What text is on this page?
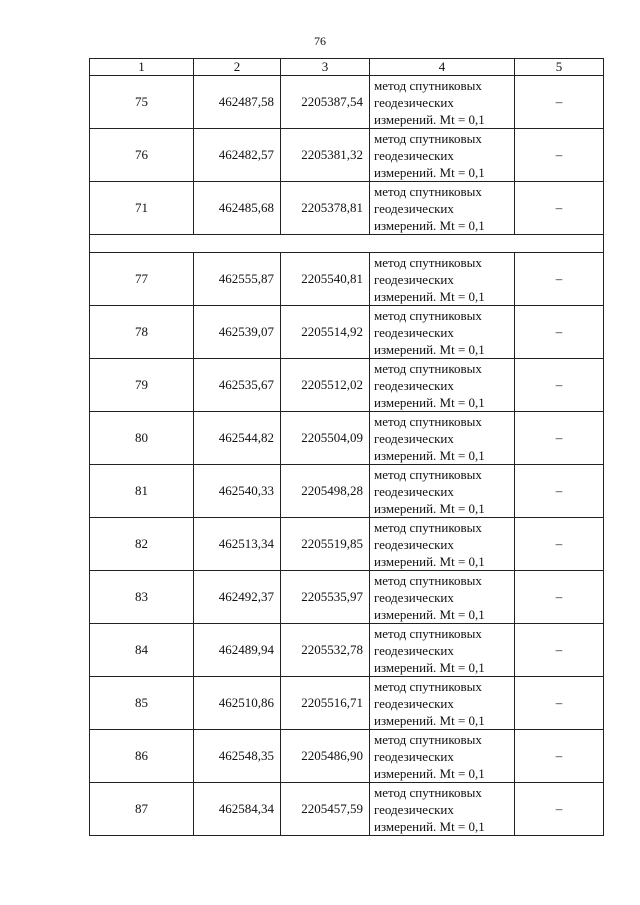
76
1	2	3	4	5
75	462487,58	2205387,54	метод спутниковых
геодезических
измерений. Mt = 0,1	–
76	462482,57	2205381,32	метод спутниковых
геодезических
измерений. Mt = 0,1	–
71	462485,68	2205378,81	метод спутниковых
геодезических
измерений. Mt = 0,1	–

77	462555,87	2205540,81	метод спутниковых
геодезических
измерений. Mt = 0,1	–
78	462539,07	2205514,92	метод спутниковых
геодезических
измерений. Mt = 0,1	–
79	462535,67	2205512,02	метод спутниковых
геодезических
измерений. Mt = 0,1	–
80	462544,82	2205504,09	метод спутниковых
геодезических
измерений. Mt = 0,1	–
81	462540,33	2205498,28	метод спутниковых
геодезических
измерений. Mt = 0,1	–
82	462513,34	2205519,85	метод спутниковых
геодезических
измерений. Mt = 0,1	–
83	462492,37	2205535,97	метод спутниковых
геодезических
измерений. Mt = 0,1	–
84	462489,94	2205532,78	метод спутниковых
геодезических
измерений. Mt = 0,1	–
85	462510,86	2205516,71	метод спутниковых
геодезических
измерений. Mt = 0,1	–
86	462548,35	2205486,90	метод спутниковых
геодезических
измерений. Mt = 0,1	–
87	462584,34	2205457,59	метод спутниковых
геодезических
измерений. Mt = 0,1	–
